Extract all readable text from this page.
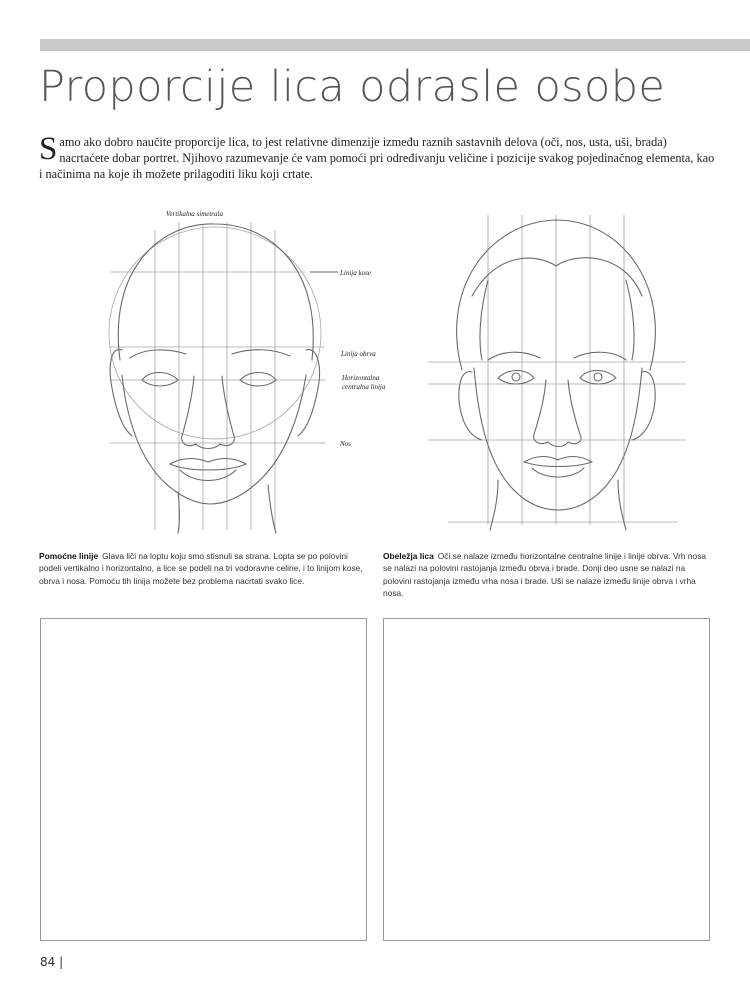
Proporcije lica odrasle osobe

Samo ako dobro naučite proporcije lica, to jest relativne dimenzije između raznih sastavnih delova (oči, nos, usta, uši, brada) nacrtaćete dobar portret. Njihovo razumevanje će vam pomoći pri određivanju veličine i pozicije svakog pojedinačnog elementa, kao i načinima na koje ih možete prilagoditi liku koji crtate.

Vertikalna simetrala
Linija kose
Linija obrva
Horizontalna
centralna linija
Nos

Pomoćne linije Glava liči na loptu koju smo stisnuli sa strana. Lopta se po polovini podeli vertikalno i horizontalno, a lice se podeli na tri vodoravne celine, i to linijom kose, obrva i nosa. Pomoću tih linija možete bez problema nacrtati svako lice.

Obeležja lica Oči se nalaze između horizontalne centralne linije i linije obrva. Vrh nosa se nalazi na polovini rastojanja između obrva i brade. Donji deo usne se nalazi na polovini rastojanja između vrha nosa i brade. Uši se nalaze između linije obrva i vrha nosa.

84 |
